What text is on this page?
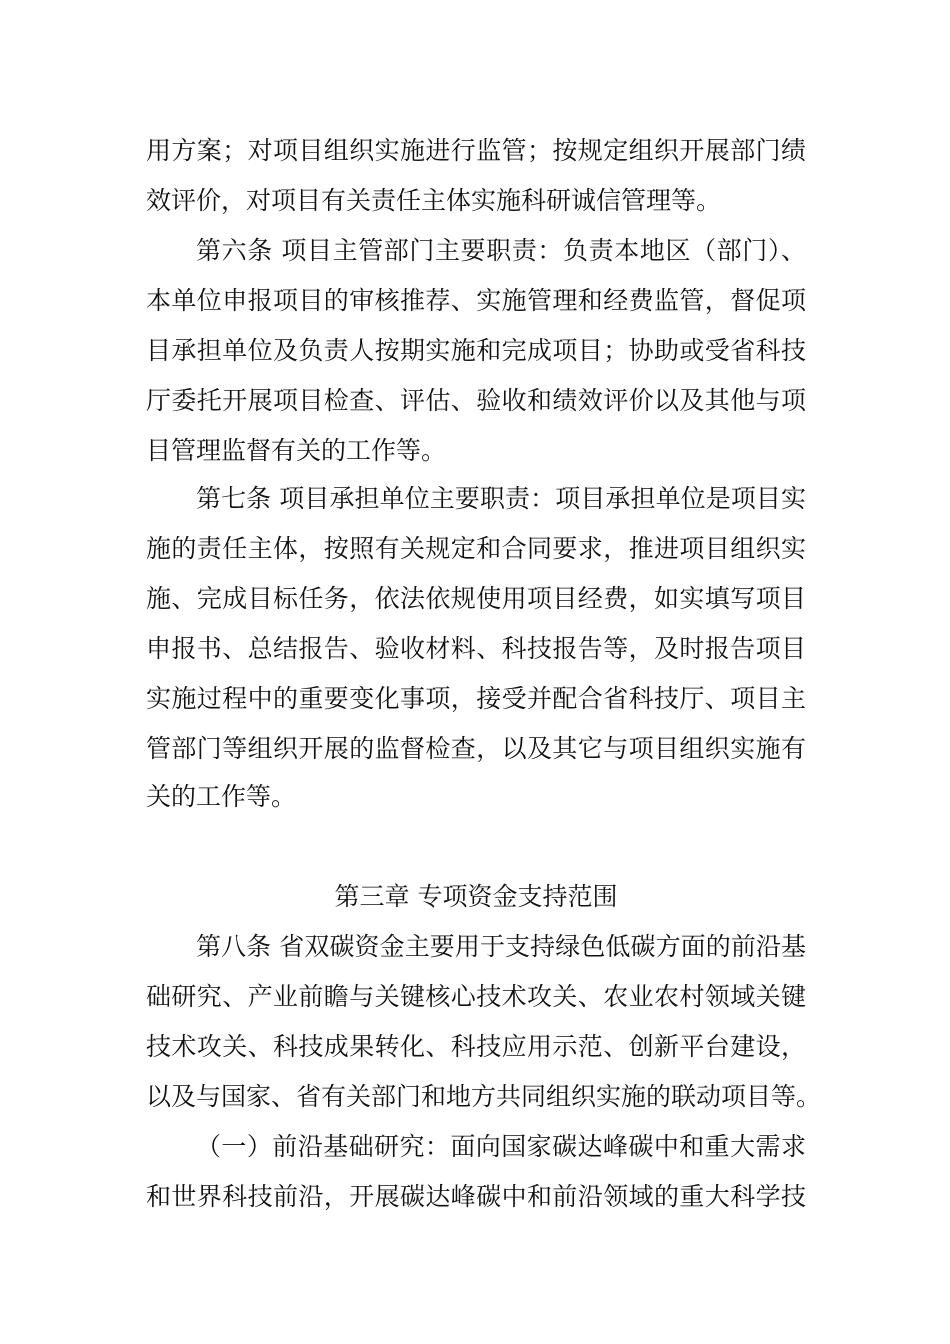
用方案；对项目组织实施进行监管；按规定组织开展部门绩
效评价，对项目有关责任主体实施科研诚信管理等。
第六条 项目主管部门主要职责：负责本地区（部门）、
本单位申报项目的审核推荐、实施管理和经费监管，督促项
目承担单位及负责人按期实施和完成项目；协助或受省科技
厅委托开展项目检查、评估、验收和绩效评价以及其他与项
目管理监督有关的工作等。
第七条 项目承担单位主要职责：项目承担单位是项目实
施的责任主体，按照有关规定和合同要求，推进项目组织实
施、完成目标任务，依法依规使用项目经费，如实填写项目
申报书、总结报告、验收材料、科技报告等，及时报告项目
实施过程中的重要变化事项，接受并配合省科技厅、项目主
管部门等组织开展的监督检查，以及其它与项目组织实施有
关的工作等。
第三章 专项资金支持范围
第八条 省双碳资金主要用于支持绿色低碳方面的前沿基
础研究、产业前瞻与关键核心技术攻关、农业农村领域关键
技术攻关、科技成果转化、科技应用示范、创新平台建设，
以及与国家、省有关部门和地方共同组织实施的联动项目等。
（一）前沿基础研究：面向国家碳达峰碳中和重大需求
和世界科技前沿，开展碳达峰碳中和前沿领域的重大科学技
